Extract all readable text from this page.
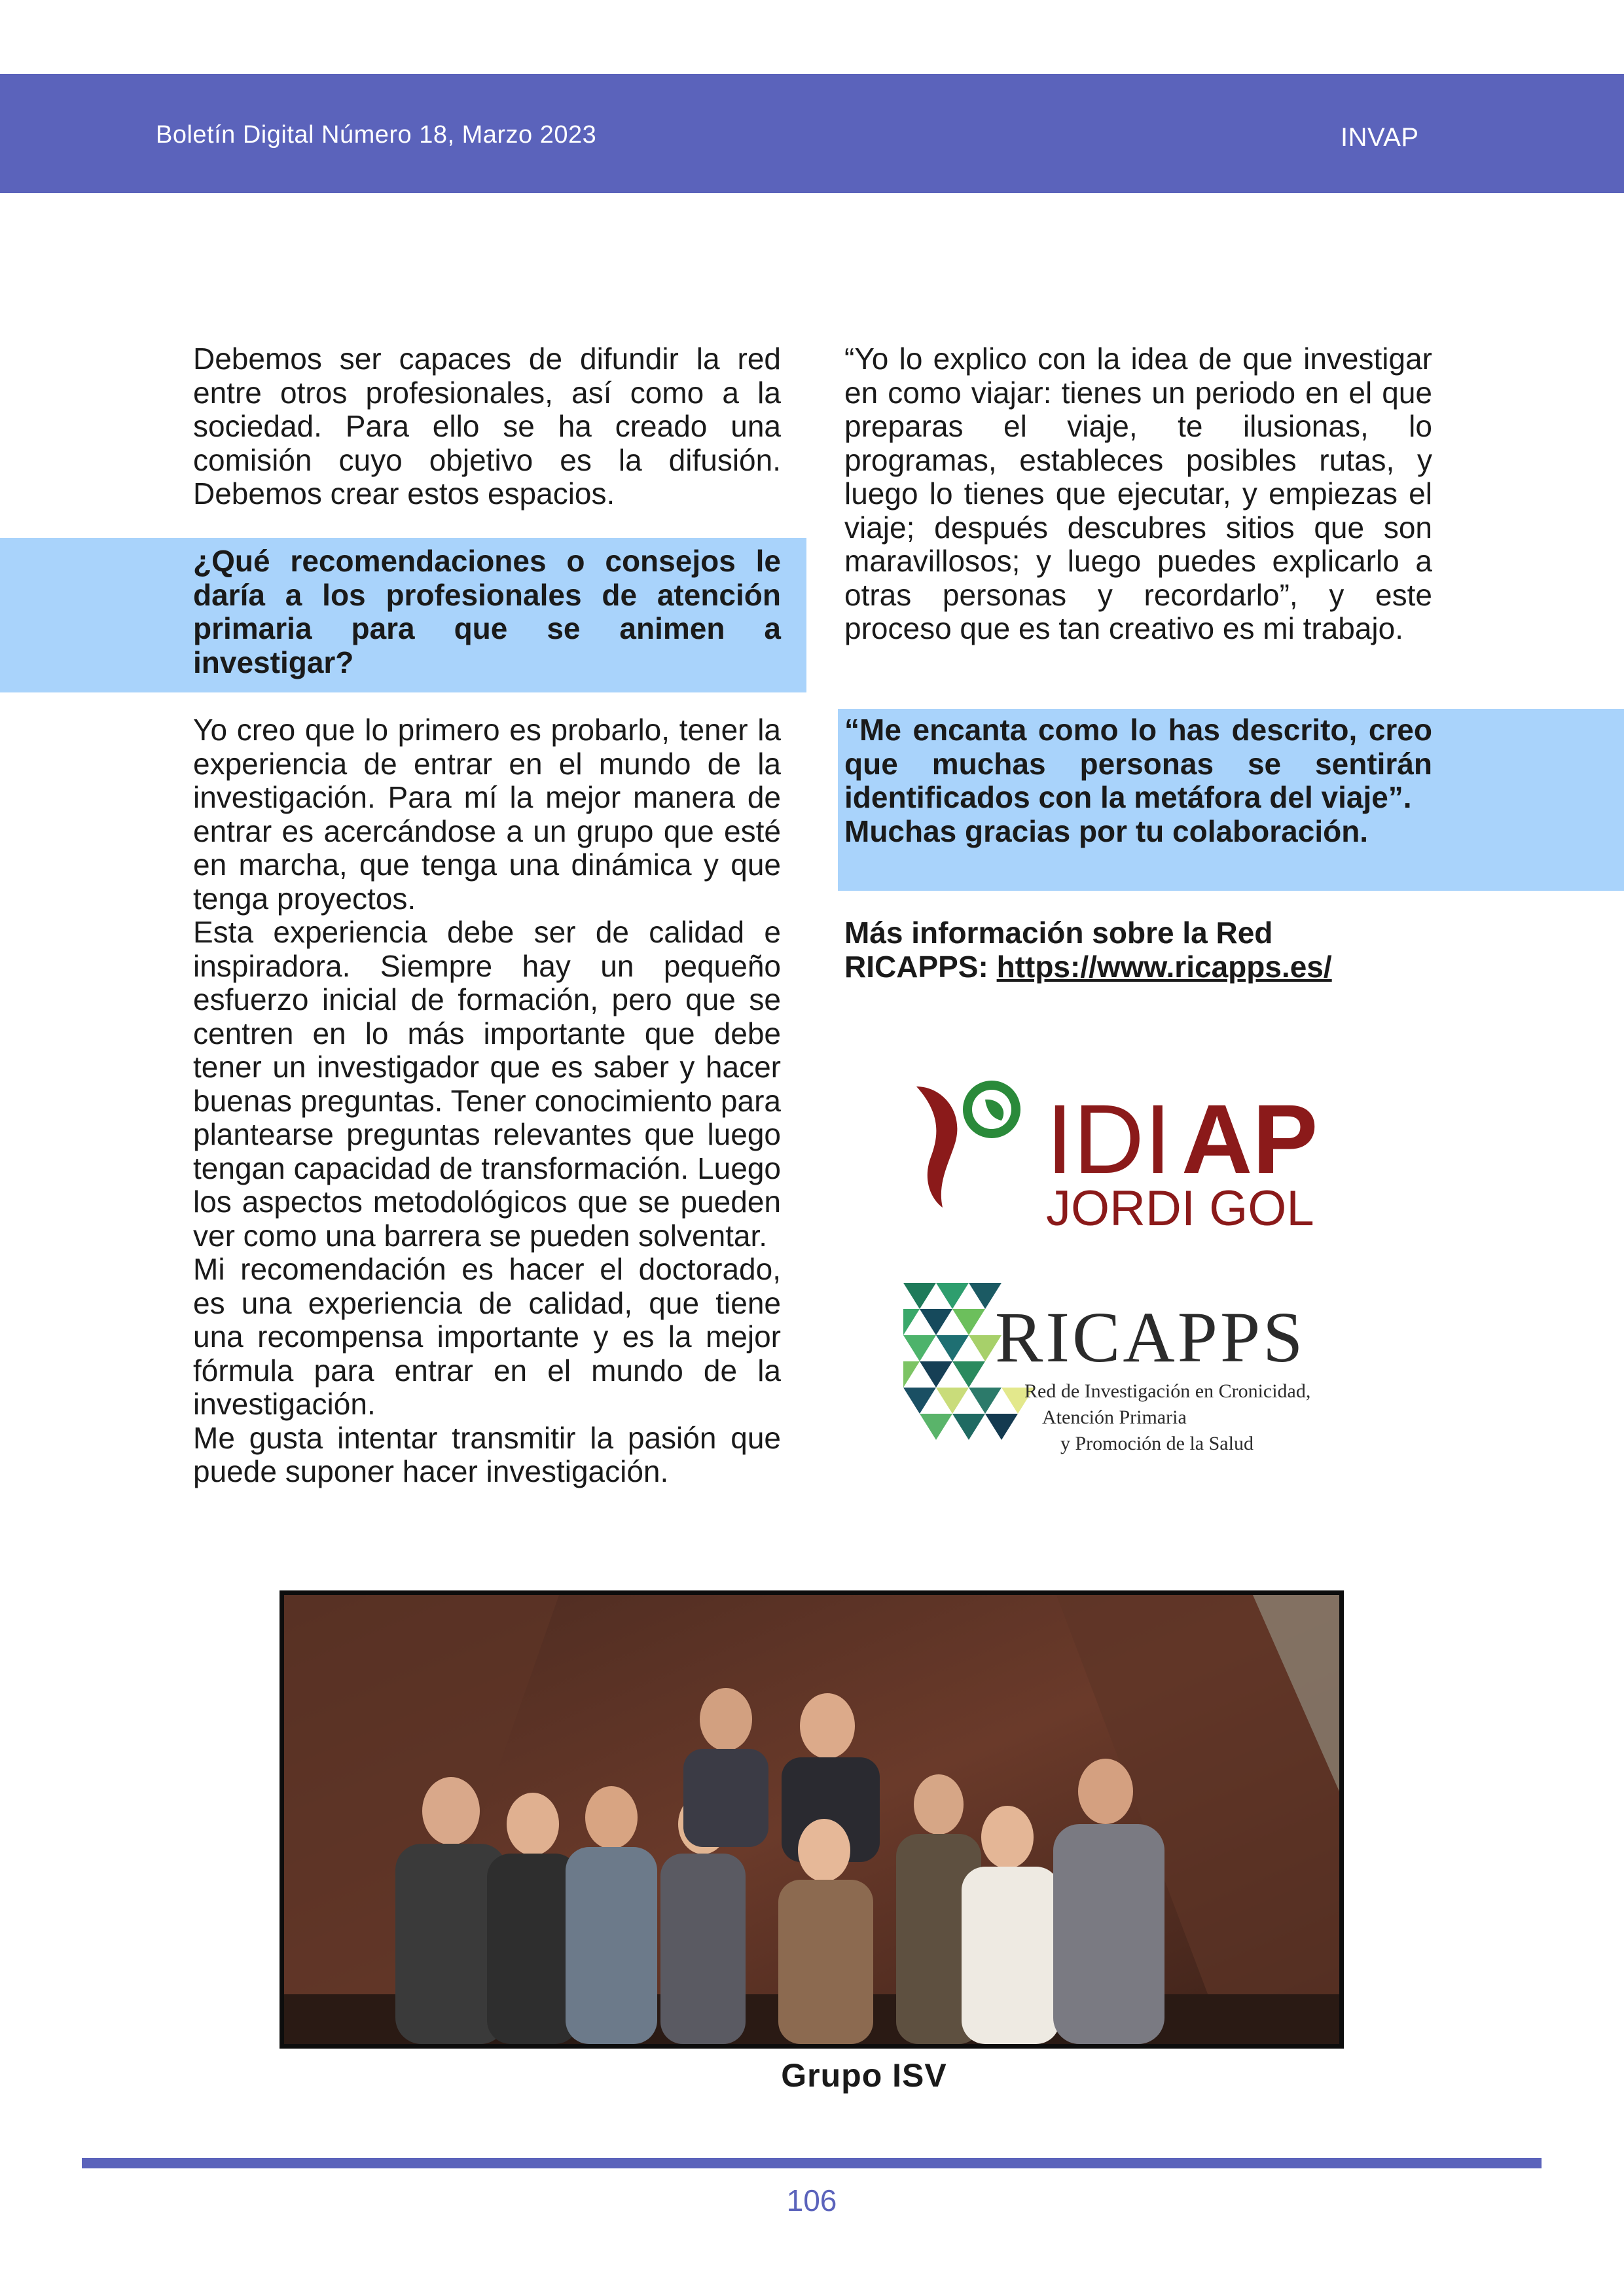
Boletín Digital Número 18, Marzo 2023	INVAP

Debemos ser capaces de difundir la red entre otros profesionales, así como a la sociedad. Para ello se ha creado una comisión cuyo objetivo es la difusión. Debemos crear estos espacios.

¿Qué recomendaciones o consejos le daría a los profesionales de atención primaria para que se animen a investigar?

Yo creo que lo primero es probarlo, tener la experiencia de entrar en el mundo de la investigación. Para mí la mejor manera de entrar es acercándose a un grupo que esté en marcha, que tenga una dinámica y que tenga proyectos.

Esta experiencia debe ser de calidad e inspiradora. Siempre hay un pequeño esfuerzo inicial de formación, pero que se centren en lo más importante que debe tener un investigador que es saber y hacer buenas preguntas. Tener conocimiento para plantearse preguntas relevantes que luego tengan capacidad de transformación. Luego los aspectos metodológicos que se pueden ver como una barrera se pueden solventar.

Mi recomendación es hacer el doctorado, es una experiencia de calidad, que tiene una recompensa importante y es la mejor fórmula para entrar en el mundo de la investigación.

Me gusta intentar transmitir la pasión que puede suponer hacer investigación.

“Yo lo explico con la idea de que investigar en como viajar: tienes un periodo en el que preparas el viaje, te ilusionas, lo programas, estableces posibles rutas, y luego lo tienes que ejecutar, y empiezas el viaje; después descubres sitios que son maravillosos; y luego puedes explicarlo a otras personas y recordarlo”, y este proceso que es tan creativo es mi trabajo.

“Me encanta como lo has descrito, creo que muchas personas se sentirán identificados con la metáfora del viaje”.

Muchas gracias por tu colaboración.

Más información sobre la Red
RICAPPS: https://www.ricapps.es/
IDI AP
JORDI GOL
RICAPPS
Red de Investigación en Cronicidad,
Atención Primaria
y Promoción de la Salud
Grupo ISV
106
